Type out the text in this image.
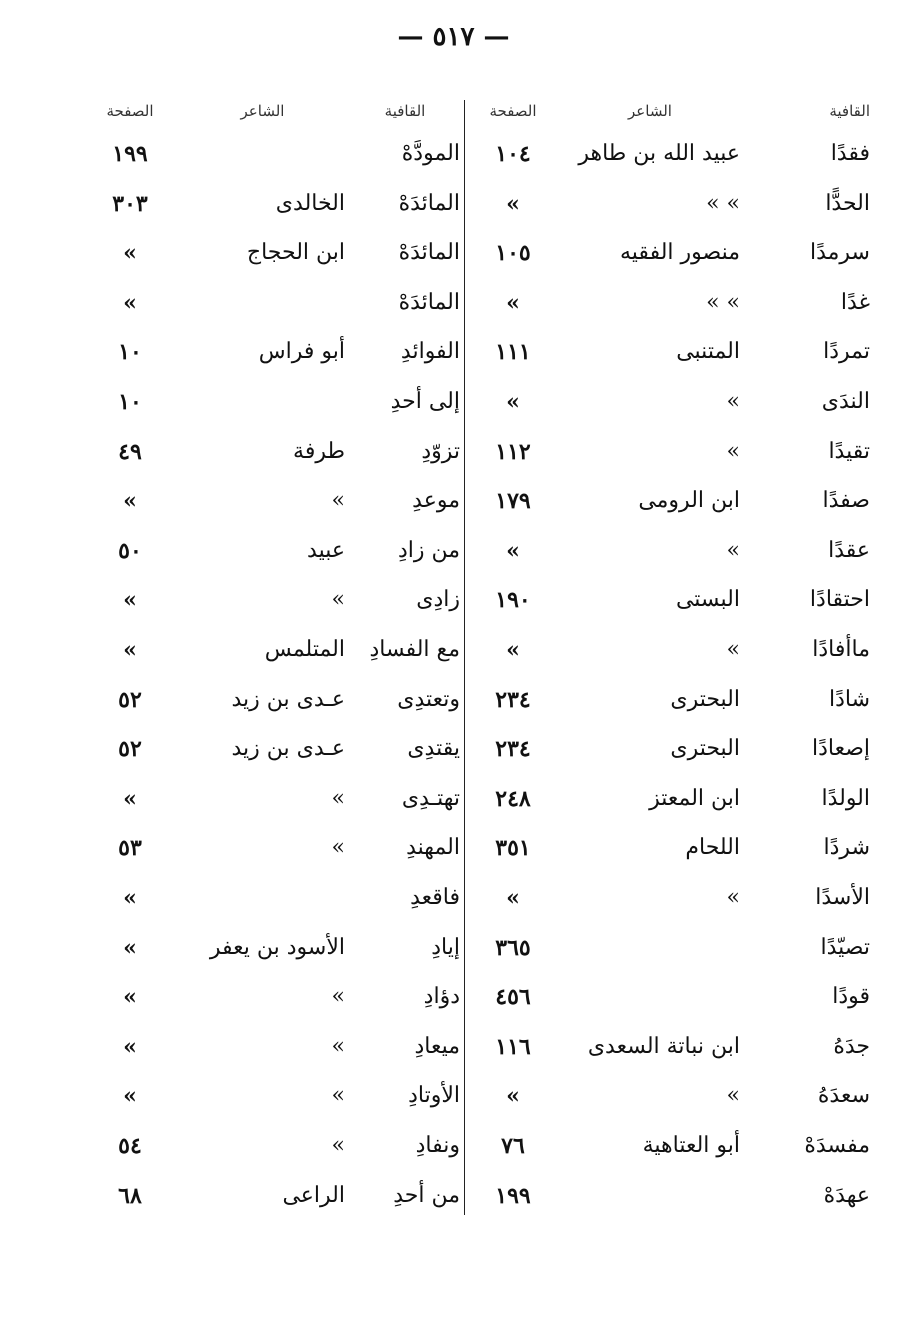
— ٥١٧ —
القافية
الشاعر
الصفحة
القافية
الشاعر
الصفحة
فقدًا
عبيد الله بن طاهر
١٠٤
المودَّهْ
١٩٩
الحدًّا
» »
»
المائدَهْ
الخالدى
٣٠٣
سرمدًا
منصور الفقيه
١٠٥
المائدَهْ
ابن الحجاج
»
غدًا
» »
»
المائدَهْ
»
تمردًا
المتنبى
١١١
الفوائدِ
أبو فراس
١٠
الندَى
»
»
إلى أحدِ
١٠
تقيدًا
»
١١٢
تزوّدِ
طرفة
٤٩
صفدًا
ابن الرومى
١٧٩
موعدِ
»
»
عقدًا
»
»
من زادِ
عبيد
٥٠
احتقادًا
البستى
١٩٠
زادِى
»
»
ماأفادًا
»
»
مع الفسادِ
المتلمس
»
شادًا
البحترى
٢٣٤
وتعتدِى
عـدى بن زيد
٥٢
إصعادًا
البحترى
٢٣٤
يقتدِى
عـدى بن زيد
٥٢
الولدًا
ابن المعتز
٢٤٨
تهتـدِى
»
»
شردًا
اللحام
٣٥١
المهندِ
»
٥٣
الأسدًا
»
»
فاقعدِ
»
تصيّدًا
٣٦٥
إيادِ
الأسود بن يعفر
»
قودًا
٤٥٦
دؤادِ
»
»
جدَهُ
ابن نباتة السعدى
١١٦
ميعادِ
»
»
سعدَهُ
»
»
الأوتادِ
»
»
مفسدَهْ
أبو العتاهية
٧٦
ونفادِ
»
٥٤
عهدَهْ
١٩٩
من أحدِ
الراعى
٦٨
